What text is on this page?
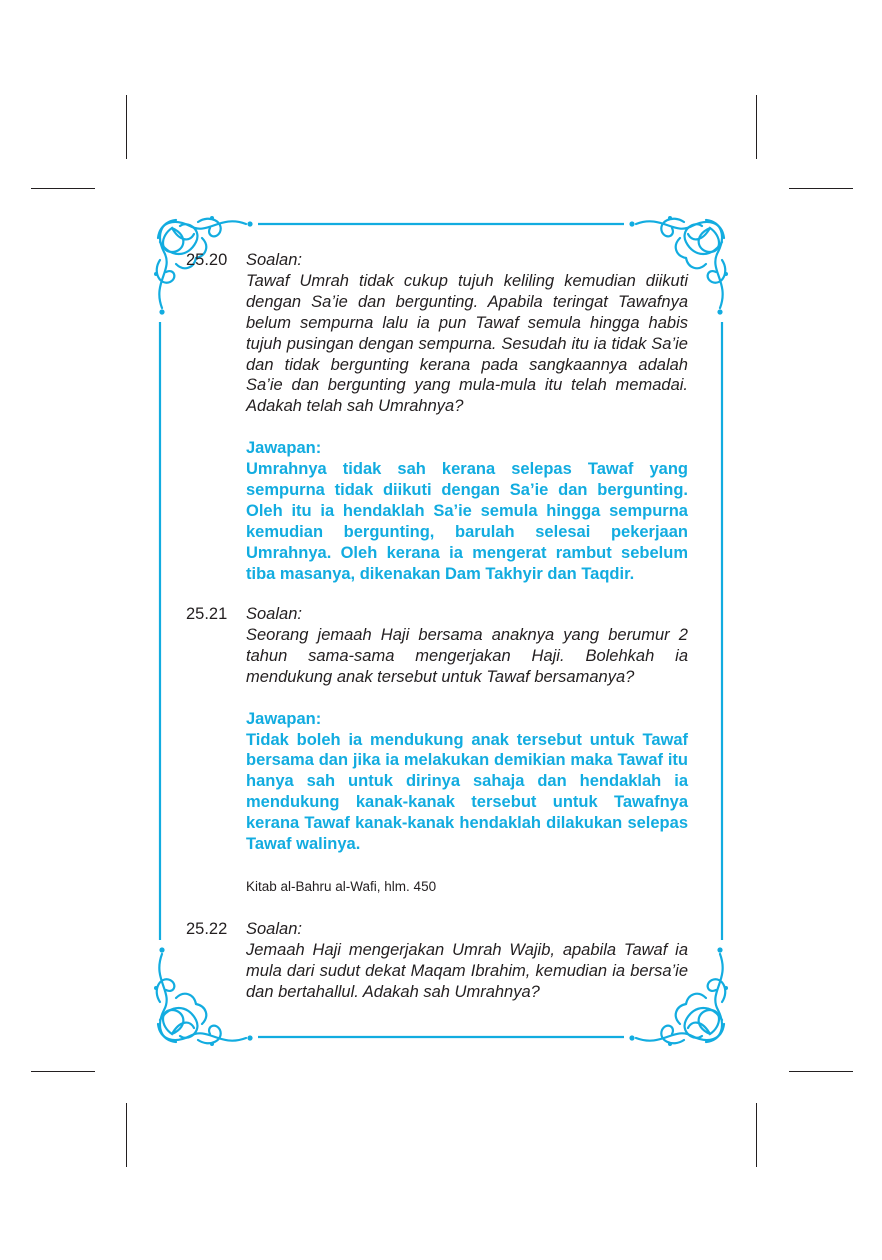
25.20 Soalan:
Tawaf Umrah tidak cukup tujuh keliling kemudian diikuti dengan Sa’ie dan bergunting. Apabila teringat Tawafnya belum sempurna lalu ia pun Tawaf semula hingga habis tujuh pusingan dengan sempurna. Sesudah itu ia tidak Sa’ie dan tidak bergunting kerana pada sangkaannya adalah Sa’ie dan bergunting yang mula-mula itu telah memadai. Adakah telah sah Umrahnya?
Jawapan:
Umrahnya tidak sah kerana selepas Tawaf yang sempurna tidak diikuti dengan Sa’ie dan bergunting. Oleh itu ia hendaklah Sa’ie semula hingga sempurna kemudian bergunting, barulah selesai pekerjaan Umrahnya. Oleh kerana ia mengerat rambut sebelum tiba masanya, dikenakan Dam Takhyir dan Taqdir.
25.21 Soalan:
Seorang jemaah Haji bersama anaknya yang berumur 2 tahun sama-sama mengerjakan Haji. Bolehkah ia mendukung anak tersebut untuk Tawaf bersamanya?
Jawapan:
Tidak boleh ia mendukung anak tersebut untuk Tawaf bersama dan jika ia melakukan demikian maka Tawaf itu hanya sah untuk dirinya sahaja dan hendaklah ia mendukung kanak-kanak tersebut untuk Tawafnya kerana Tawaf kanak-kanak hendaklah dilakukan selepas Tawaf walinya.
Kitab al-Bahru al-Wafi, hlm. 450
25.22 Soalan:
Jemaah Haji mengerjakan Umrah Wajib, apabila Tawaf ia mula dari sudut dekat Maqam Ibrahim, kemudian ia bersa’ie dan bertahallul. Adakah sah Umrahnya?
